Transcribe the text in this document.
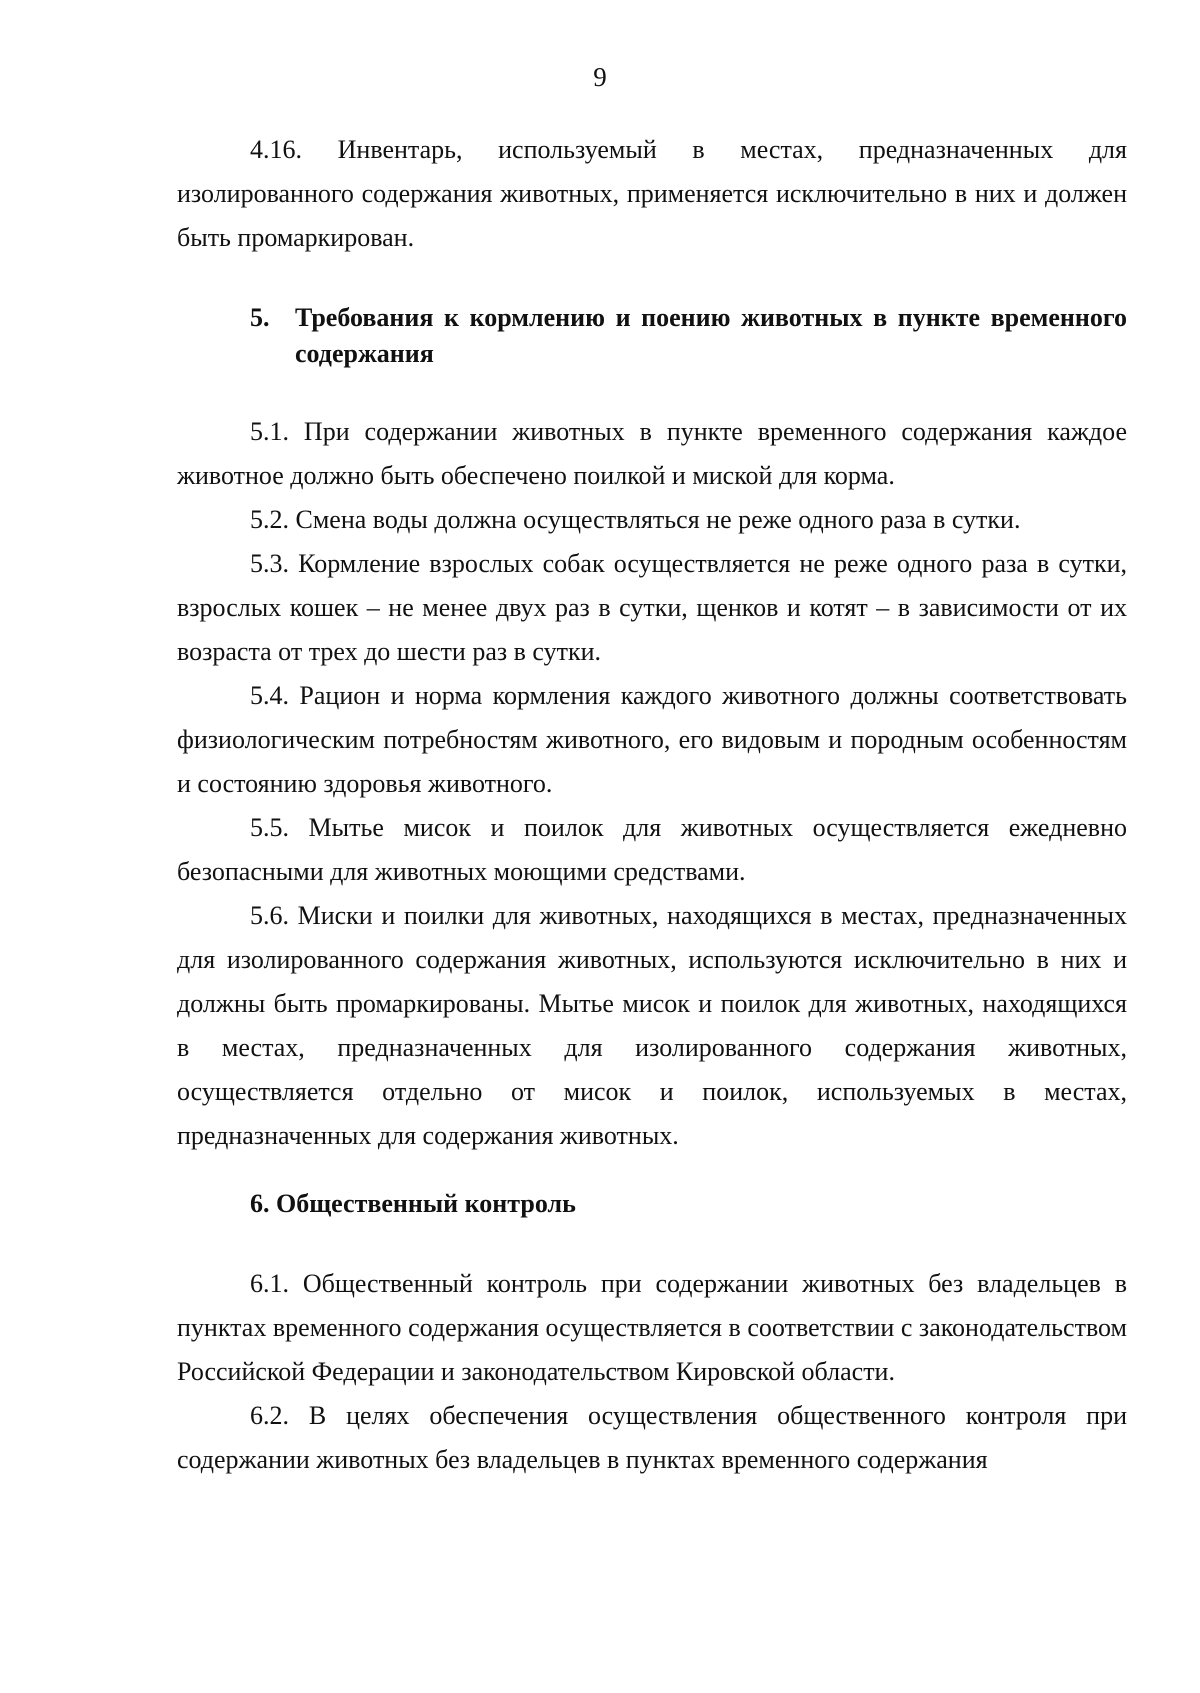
9

4.16. Инвентарь, используемый в местах, предназначенных для изолированного содержания животных, применяется исключительно в них и должен быть промаркирован.

5. Требования к кормлению и поению животных в пункте временного содержания

5.1. При содержании животных в пункте временного содержания каждое животное должно быть обеспечено поилкой и миской для корма.

5.2. Смена воды должна осуществляться не реже одного раза в сутки.

5.3. Кормление взрослых собак осуществляется не реже одного раза в сутки, взрослых кошек – не менее двух раз в сутки, щенков и котят – в зависимости от их возраста от трех до шести раз в сутки.

5.4. Рацион и норма кормления каждого животного должны соответствовать физиологическим потребностям животного, его видовым и породным особенностям и состоянию здоровья животного.

5.5. Мытье мисок и поилок для животных осуществляется ежедневно безопасными для животных моющими средствами.

5.6. Миски и поилки для животных, находящихся в местах, предназначенных для изолированного содержания животных, используются исключительно в них и должны быть промаркированы. Мытье мисок и поилок для животных, находящихся в местах, предназначенных для изолированного содержания животных, осуществляется отдельно от мисок и поилок, используемых в местах, предназначенных для содержания животных.

6. Общественный контроль

6.1. Общественный контроль при содержании животных без владельцев в пунктах временного содержания осуществляется в соответствии с законодательством Российской Федерации и законодательством Кировской области.

6.2. В целях обеспечения осуществления общественного контроля при содержании животных без владельцев в пунктах временного содержания
